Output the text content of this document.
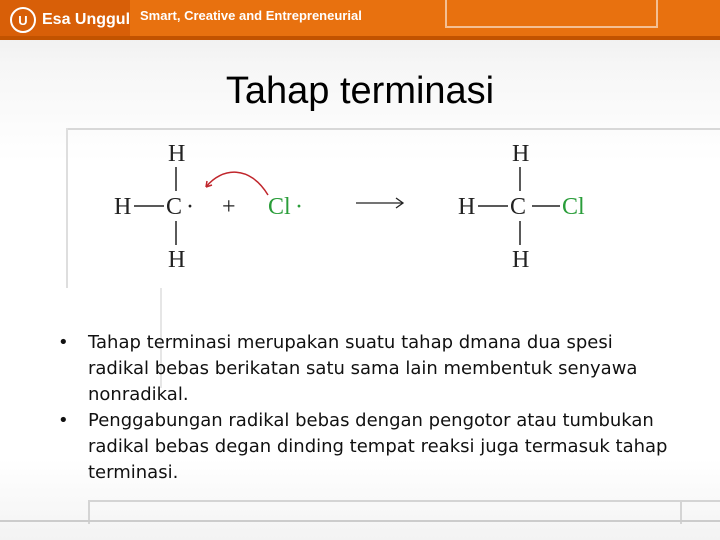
U Esa Unggul Smart, Creative and Entrepreneurial
Tahap terminasi
H
H C ·
H
+ Cl ·
H
H C Cl
H
•	Tahap terminasi merupakan suatu tahap dmana dua spesi radikal bebas berikatan satu sama lain membentuk senyawa nonradikal.
•	Penggabungan radikal bebas dengan pengotor atau tumbukan radikal bebas degan dinding tempat reaksi juga termasuk tahap terminasi.
